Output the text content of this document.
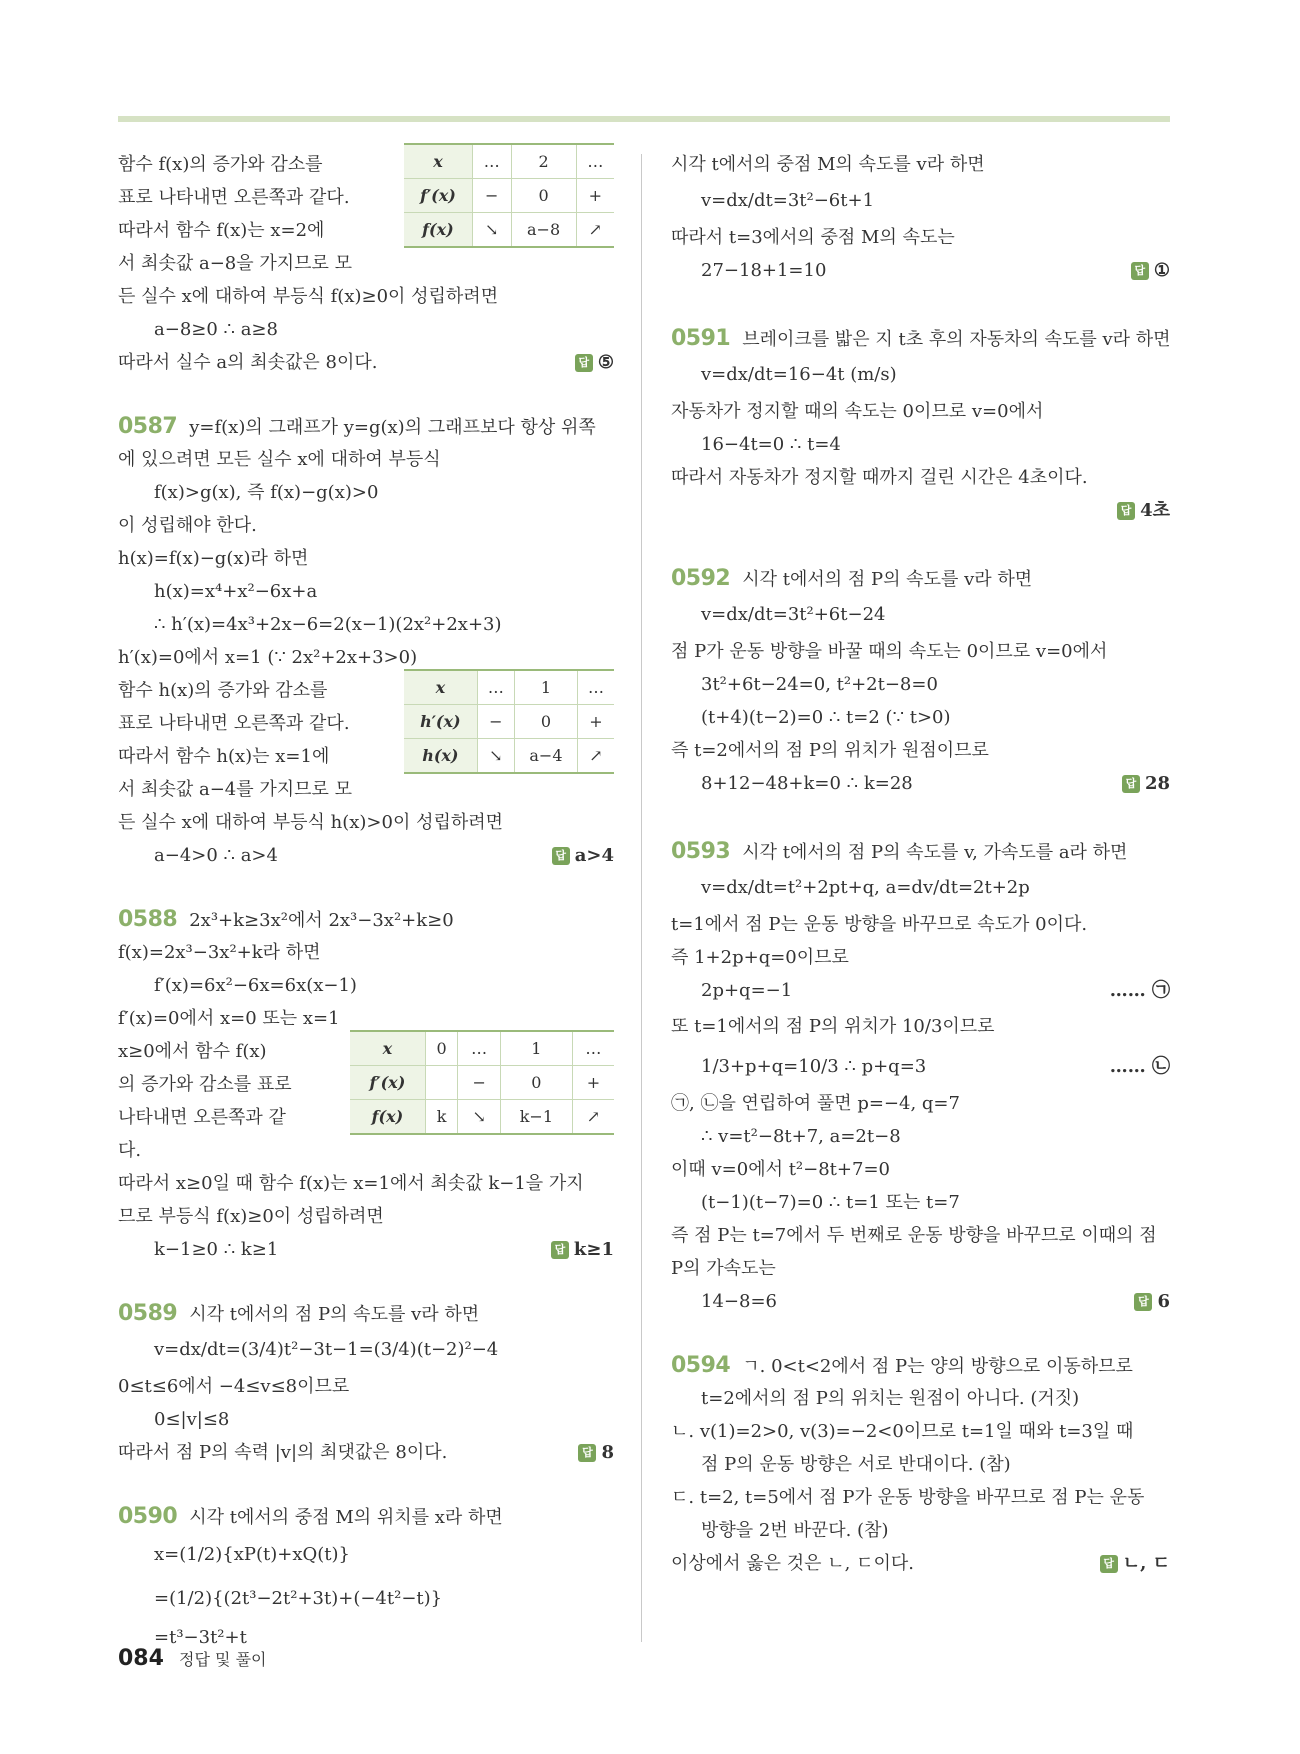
함수 f(x)의 증가와 감소를	x	…	2	…
f′(x)	−	0	+
f(x)	↘	a−8	↗
표로 나타내면 오른쪽과 같다.
따라서 함수 f(x)는 x=2에
서 최솟값 a−8을 가지므로 모
든 실수 x에 대하여 부등식 f(x)≥0이 성립하려면
a−8≥0 ∴ a≥8
따라서 실수 a의 최솟값은 8이다.	답 ⑤
0587 y=f(x)의 그래프가 y=g(x)의 그래프보다 항상 위쪽
에 있으려면 모든 실수 x에 대하여 부등식
f(x)>g(x), 즉 f(x)−g(x)>0
이 성립해야 한다.
h(x)=f(x)−g(x)라 하면
h(x)=x⁴+x²−6x+a
∴ h′(x)=4x³+2x−6=2(x−1)(2x²+2x+3)
h′(x)=0에서 x=1 (∵ 2x²+2x+3>0)
함수 h(x)의 증가와 감소를	x	…	1	…
h′(x)	−	0	+
h(x)	↘	a−4	↗
표로 나타내면 오른쪽과 같다.
따라서 함수 h(x)는 x=1에
서 최솟값 a−4를 가지므로 모
든 실수 x에 대하여 부등식 h(x)>0이 성립하려면
a−4>0 ∴ a>4	답 a>4
0588 2x³+k≥3x²에서 2x³−3x²+k≥0
f(x)=2x³−3x²+k라 하면
f′(x)=6x²−6x=6x(x−1)
f′(x)=0에서 x=0 또는 x=1
x≥0에서 함수 f(x)	x	0	…	1	…
f′(x)		−	0	+
f(x)	k	↘	k−1	↗
의 증가와 감소를 표로
나타내면 오른쪽과 같
다.
따라서 x≥0일 때 함수 f(x)는 x=1에서 최솟값 k−1을 가지
므로 부등식 f(x)≥0이 성립하려면
k−1≥0 ∴ k≥1	답 k≥1
0589 시각 t에서의 점 P의 속도를 v라 하면
v=dx/dt=(3/4)t²−3t−1=(3/4)(t−2)²−4
0≤t≤6에서 −4≤v≤8이므로
0≤|v|≤8
따라서 점 P의 속력 |v|의 최댓값은 8이다.	답 8
0590 시각 t에서의 중점 M의 위치를 x라 하면
x=(1/2){xP(t)+xQ(t)}
=(1/2){(2t³−2t²+3t)+(−4t²−t)}
=t³−3t²+t
시각 t에서의 중점 M의 속도를 v라 하면
v=dx/dt=3t²−6t+1
따라서 t=3에서의 중점 M의 속도는
27−18+1=10	답 ①
0591 브레이크를 밟은 지 t초 후의 자동차의 속도를 v라 하면
v=dx/dt=16−4t (m/s)
자동차가 정지할 때의 속도는 0이므로 v=0에서
16−4t=0 ∴ t=4
따라서 자동차가 정지할 때까지 걸린 시간은 4초이다.
답 4초
0592 시각 t에서의 점 P의 속도를 v라 하면
v=dx/dt=3t²+6t−24
점 P가 운동 방향을 바꿀 때의 속도는 0이므로 v=0에서
3t²+6t−24=0, t²+2t−8=0
(t+4)(t−2)=0 ∴ t=2 (∵ t>0)
즉 t=2에서의 점 P의 위치가 원점이므로
8+12−48+k=0 ∴ k=28	답 28
0593 시각 t에서의 점 P의 속도를 v, 가속도를 a라 하면
v=dx/dt=t²+2pt+q, a=dv/dt=2t+2p
t=1에서 점 P는 운동 방향을 바꾸므로 속도가 0이다.
즉 1+2p+q=0이므로
2p+q=−1	…… ㉠
또 t=1에서의 점 P의 위치가 10/3이므로
1/3+p+q=10/3 ∴ p+q=3	…… ㉡
㉠, ㉡을 연립하여 풀면 p=−4, q=7
∴ v=t²−8t+7, a=2t−8
이때 v=0에서 t²−8t+7=0
(t−1)(t−7)=0 ∴ t=1 또는 t=7
즉 점 P는 t=7에서 두 번째로 운동 방향을 바꾸므로 이때의 점
P의 가속도는
14−8=6	답 6
0594 ㄱ. 0<t<2에서 점 P는 양의 방향으로 이동하므로
t=2에서의 점 P의 위치는 원점이 아니다. (거짓)
ㄴ. v(1)=2>0, v(3)=−2<0이므로 t=1일 때와 t=3일 때
점 P의 운동 방향은 서로 반대이다. (참)
ㄷ. t=2, t=5에서 점 P가 운동 방향을 바꾸므로 점 P는 운동
방향을 2번 바꾼다. (참)
이상에서 옳은 것은 ㄴ, ㄷ이다.	답 ㄴ, ㄷ
084 정답 및 풀이
